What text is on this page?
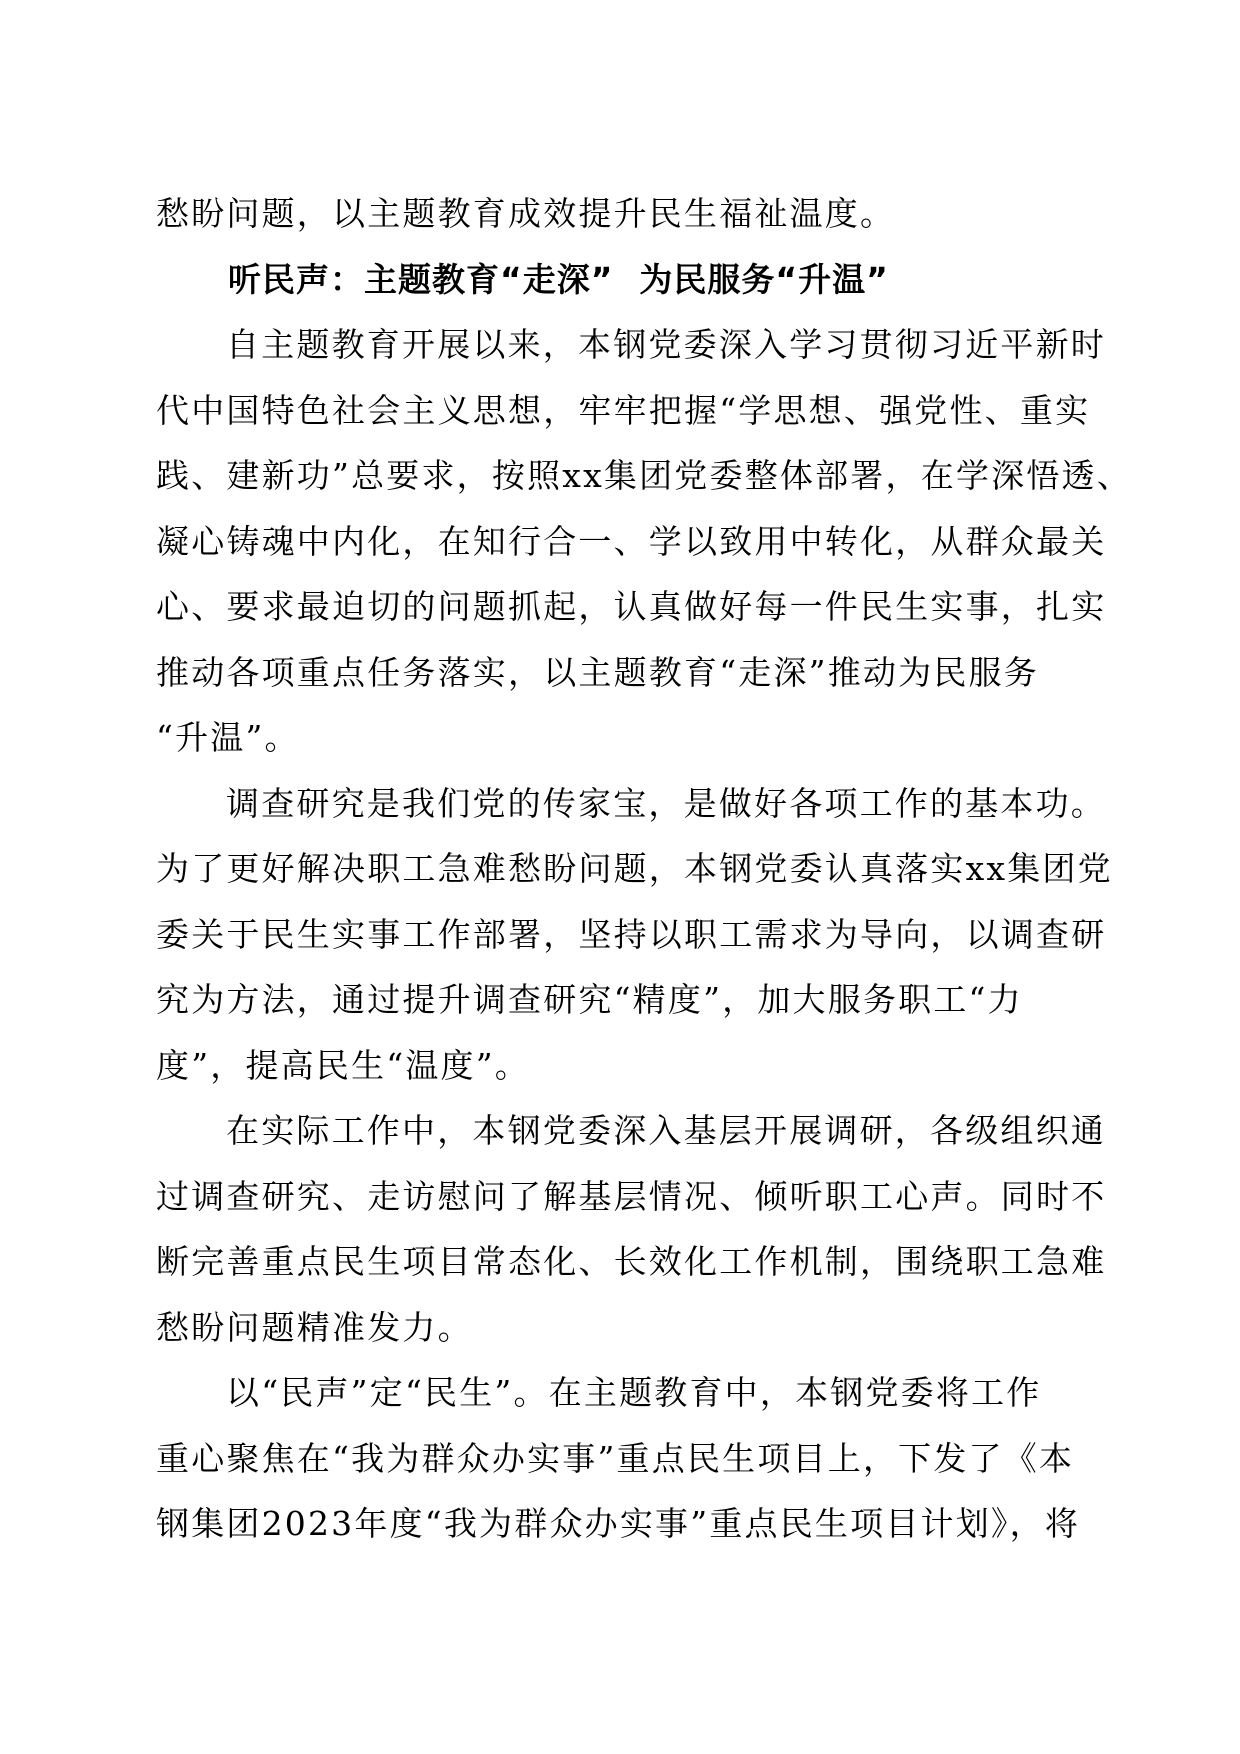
愁盼问题，以主题教育成效提升民生福祉温度。
听民声：主题教育“走深” 为民服务“升温”
自主题教育开展以来，本钢党委深入学习贯彻习近平新时
代中国特色社会主义思想，牢牢把握“学思想、强党性、重实
践、建新功”总要求，按照xx集团党委整体部署，在学深悟透、
凝心铸魂中内化，在知行合一、学以致用中转化，从群众最关
心、要求最迫切的问题抓起，认真做好每一件民生实事，扎实
推动各项重点任务落实，以主题教育“走深”推动为民服务
“升温”。
调查研究是我们党的传家宝，是做好各项工作的基本功。
为了更好解决职工急难愁盼问题，本钢党委认真落实xx集团党
委关于民生实事工作部署，坚持以职工需求为导向，以调查研
究为方法，通过提升调查研究“精度”，加大服务职工“力
度”，提高民生“温度”。
在实际工作中，本钢党委深入基层开展调研，各级组织通
过调查研究、走访慰问了解基层情况、倾听职工心声。同时不
断完善重点民生项目常态化、长效化工作机制，围绕职工急难
愁盼问题精准发力。
以“民声”定“民生”。在主题教育中，本钢党委将工作
重心聚焦在“我为群众办实事”重点民生项目上，下发了《本
钢集团2023年度“我为群众办实事”重点民生项目计划》，将
